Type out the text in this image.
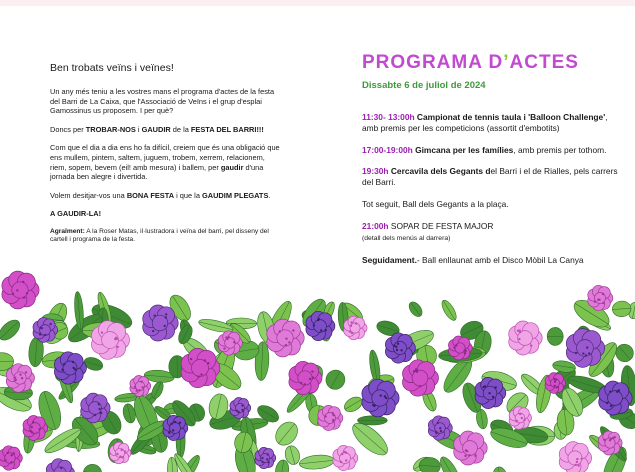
Ben trobats veïns i veïnes!
Un any més teniu a les vostres mans el programa d'actes de la festa del Barri de La Caixa, que l'Associació de Veïns i el grup d'esplai Gamossinus us proposem. I per què?
Doncs per TROBAR-NOS i GAUDIR de la FESTA DEL BARRI!!!
Com que el dia a dia ens ho fa difícil, creiem que és una obligació que ens mullem, pintem, saltem, juguem, trobem, xerrem, relacionem, riem, sopem, bevem (eil! amb mesura) i ballem, per gaudir d'una jornada ben alegre i divertida.
Volem desitjar-vos una BONA FESTA i que la GAUDIM PLEGATS.
A GAUDIR-LA!
Agraïment: A la Roser Matas, il·lustradora i veïna del barri, pel disseny del cartell i programa de la festa.
PROGRAMA D’ACTES
Dissabte 6 de juliol de 2024
11:30- 13:00h Campionat de tennis taula i 'Balloon Challenge', amb premis per les competicions (assortit d'embotits)
17:00-19:00h Gimcana per les famílies, amb premis per tothom.
19:30h Cercavila dels Gegants del Barri i el de Rialles, pels carrers del Barri.
Tot seguit, Ball dels Gegants a la plaça.
21:00h SOPAR DE FESTA MAJOR
(detall dels menús al darrera)
Seguidament.- Ball enllaunat amb el Disco Mòbil La Canya
